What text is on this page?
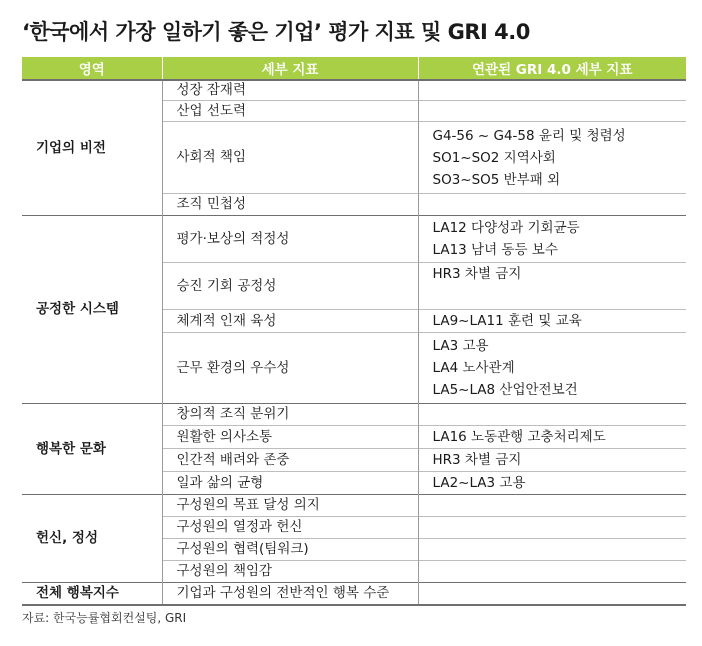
‘한국에서 가장 일하기 좋은 기업’ 평가 지표 및 GRI 4.0
영역	세부 지표	연관된 GRI 4.0 세부 지표
기업의 비전	성장 잠재력	
	산업 선도력	
	사회적 책임	G4-56 ~ G4-58 윤리 및 청렴성
SO1~SO2 지역사회
SO3~SO5 반부패 외

	조직 민첩성	
공정한 시스템	평가·보상의 적정성	LA12 다양성과 기회균등
LA13 남녀 동등 보수

	승진 기회 공정성	HR3 차별 금지

	체계적 인재 육성	LA9~LA11 훈련 및 교육

	근무 환경의 우수성	LA3 고용
LA4 노사관계
LA5~LA8 산업안전보건

행복한 문화	창의적 조직 분위기	
	원활한 의사소통	LA16 노동관행 고충처리제도

	인간적 배려와 존중	HR3 차별 금지

	일과 삶의 균형	LA2~LA3 고용

헌신, 정성	구성원의 목표 달성 의지	
	구성원의 열정과 헌신	
	구성원의 협력(팀워크)	
	구성원의 책임감	
전체 행복지수	기업과 구성원의 전반적인 행복 수준	
자료: 한국능률협회컨설팅, GRI
